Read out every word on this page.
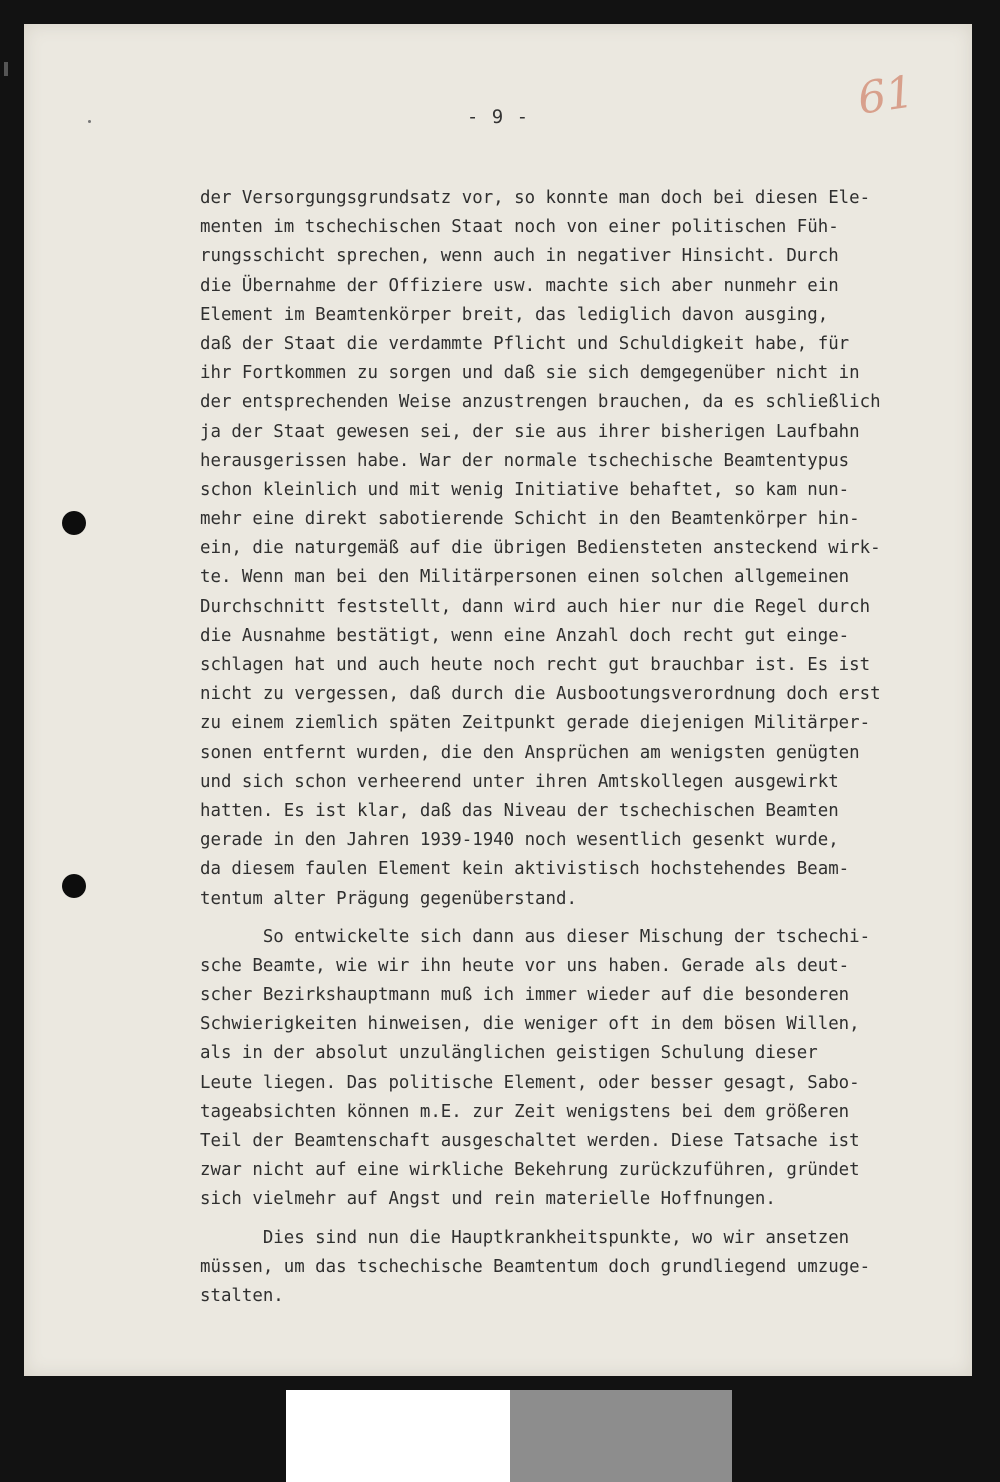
- 9 -	61

der Versorgungsgrundsatz vor, so konnte man doch bei diesen Ele-
menten im tschechischen Staat noch von einer politischen Füh-
rungsschicht sprechen, wenn auch in negativer Hinsicht. Durch
die Übernahme der Offiziere usw. machte sich aber nunmehr ein
Element im Beamtenkörper breit, das lediglich davon ausging,
daß der Staat die verdammte Pflicht und Schuldigkeit habe, für
ihr Fortkommen zu sorgen und daß sie sich demgegenüber nicht in
der entsprechenden Weise anzustrengen brauchen, da es schließlich
ja der Staat gewesen sei, der sie aus ihrer bisherigen Laufbahn
herausgerissen habe. War der normale tschechische Beamtentypus
schon kleinlich und mit wenig Initiative behaftet, so kam nun-
mehr eine direkt sabotierende Schicht in den Beamtenkörper hin-
ein, die naturgemäß auf die übrigen Bediensteten ansteckend wirk-
te. Wenn man bei den Militärpersonen einen solchen allgemeinen
Durchschnitt feststellt, dann wird auch hier nur die Regel durch
die Ausnahme bestätigt, wenn eine Anzahl doch recht gut einge-
schlagen hat und auch heute noch recht gut brauchbar ist. Es ist
nicht zu vergessen, daß durch die Ausbootungsverordnung doch erst
zu einem ziemlich späten Zeitpunkt gerade diejenigen Militärper-
sonen entfernt wurden, die den Ansprüchen am wenigsten genügten
und sich schon verheerend unter ihren Amtskollegen ausgewirkt
hatten. Es ist klar, daß das Niveau der tschechischen Beamten
gerade in den Jahren 1939-1940 noch wesentlich gesenkt wurde,
da diesem faulen Element kein aktivistisch hochstehendes Beam-
tentum alter Prägung gegenüberstand.

So entwickelte sich dann aus dieser Mischung der tschechi-
sche Beamte, wie wir ihn heute vor uns haben. Gerade als deut-
scher Bezirkshauptmann muß ich immer wieder auf die besonderen
Schwierigkeiten hinweisen, die weniger oft in dem bösen Willen,
als in der absolut unzulänglichen geistigen Schulung dieser
Leute liegen. Das politische Element, oder besser gesagt, Sabo-
tageabsichten können m.E. zur Zeit wenigstens bei dem größeren
Teil der Beamtenschaft ausgeschaltet werden. Diese Tatsache ist
zwar nicht auf eine wirkliche Bekehrung zurückzuführen, gründet
sich vielmehr auf Angst und rein materielle Hoffnungen.

Dies sind nun die Hauptkrankheitspunkte, wo wir ansetzen
müssen, um das tschechische Beamtentum doch grundliegend umzuge-
stalten.
